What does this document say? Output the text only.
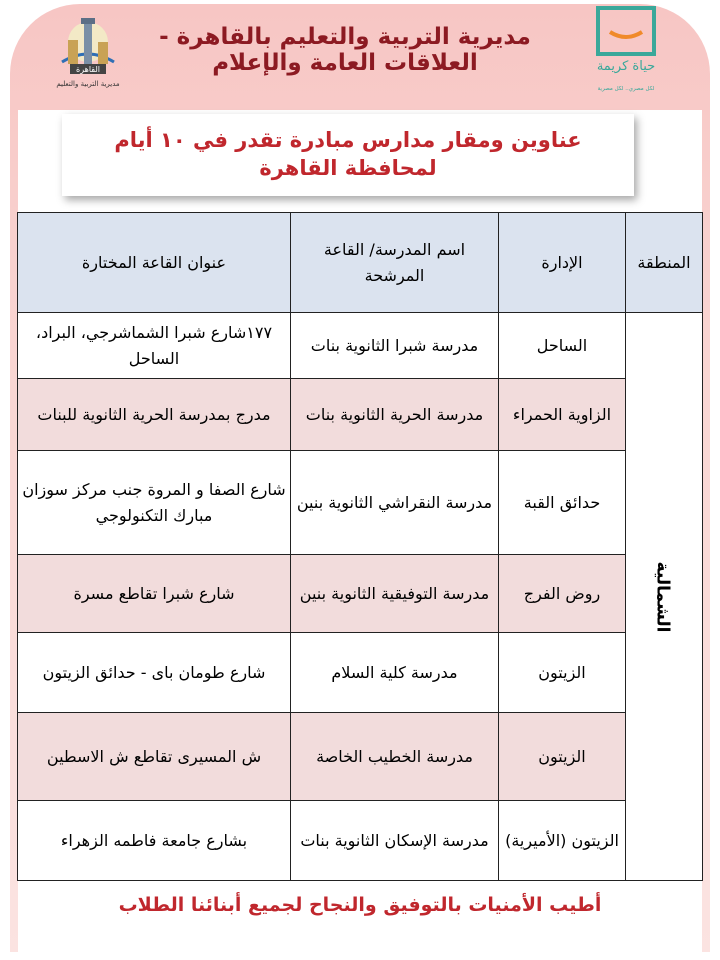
حياة كريمة
لكل مصري.. لكل مصرية
مديرية التربية والتعليم بالقاهرة - العلاقات العامة والإعلام
القاهرة
مديرية التربية والتعليم
عناوين ومقار مدارس مبادرة تقدر في ١٠ أيام
لمحافظة القاهرة
المنطقة	الإدارة	اسم المدرسة/ القاعة المرشحة	عنوان القاعة المختارة
الشمالية	الساحل	مدرسة شبرا الثانوية بنات	١٧٧شارع شبرا الشماشرجي، البراد، الساحل
	الزاوية الحمراء	مدرسة الحرية الثانوية بنات	مدرج بمدرسة الحرية الثانوية للبنات
	حدائق القبة	مدرسة النقراشي الثانوية بنين	شارع الصفا و المروة جنب مركز سوزان مبارك التكنولوجي
	روض الفرج	مدرسة التوفيقية الثانوية بنين	شارع شبرا تقاطع مسرة
	الزيتون	مدرسة كلية السلام	شارع طومان باى - حدائق الزيتون
	الزيتون	مدرسة الخطيب الخاصة	ش المسيرى تقاطع ش الاسطين
	الزيتون (الأميرية)	مدرسة الإسكان الثانوية بنات	بشارع جامعة فاطمه الزهراء
أطيب الأمنيات بالتوفيق والنجاح لجميع أبنائنا الطلاب
